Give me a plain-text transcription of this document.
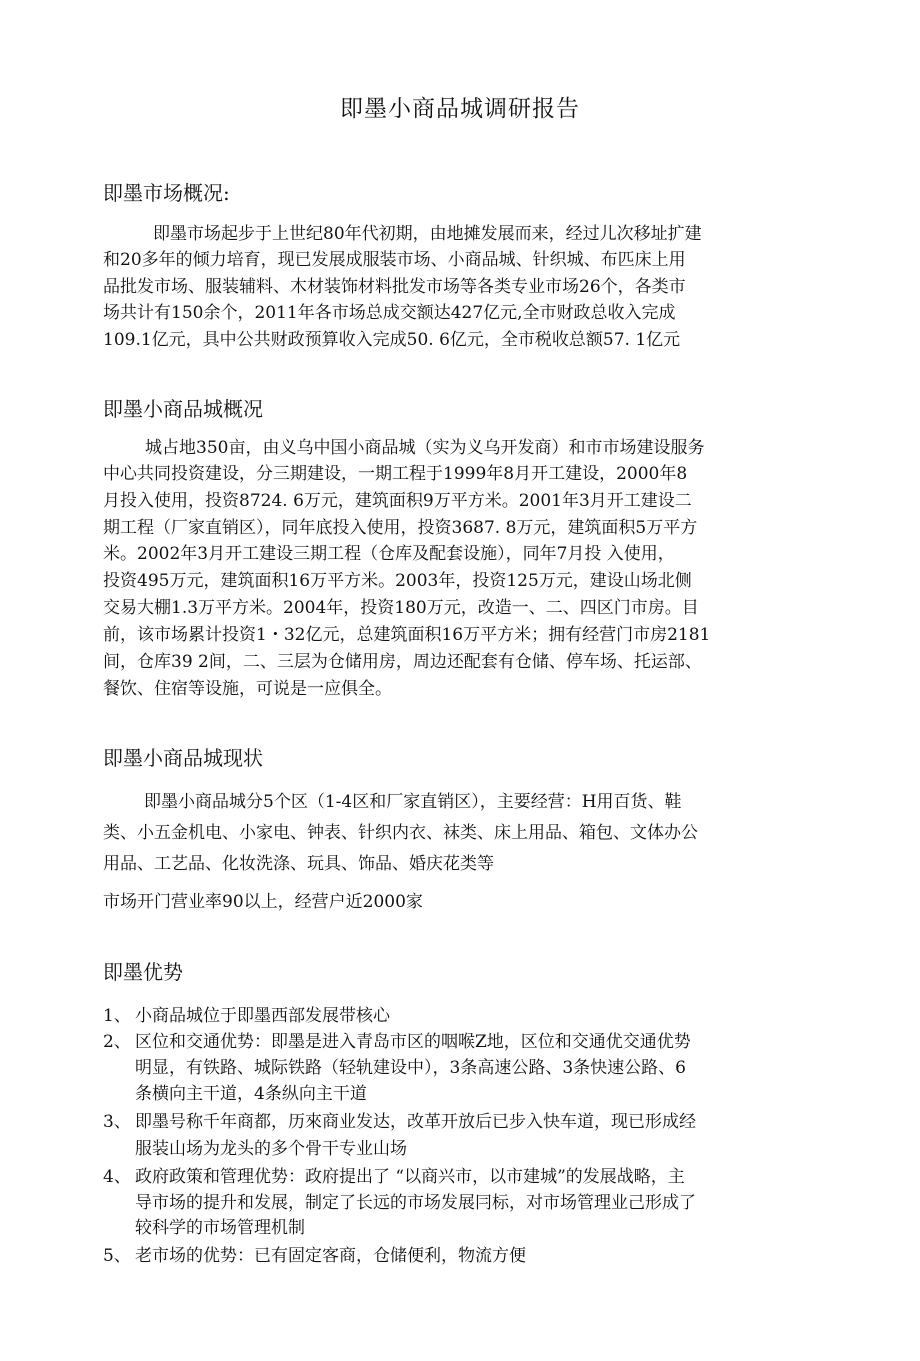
即墨小商品城调研报告
即墨市场概况:
即墨市场起步于上世纪80年代初期，由地摊发展而来，经过儿次移址扩建
和20多年的倾力培育，现已发展成服装市场、小商品城、针织城、布匹床上用
品批发市场、服装辅料、木材装饰材料批发市场等各类专业市场26个，各类市
场共计有150余个，2011年各市场总成交额达427亿元,全市财政总收入完成
109.1亿元，具中公共财政预算收入完成50. 6亿元，全市税收总额57. 1亿元
即墨小商品城概况
城占地350亩，由义乌中国小商品城（实为义乌开发商）和市市场建设服务
中心共同投资建设，分三期建设，一期工程于1999年8月开工建设，2000年8
月投入使用，投资8724. 6万元，建筑面积9万平方米。2001年3月开工建设二
期工程（厂家直销区），同年底投入使用，投资3687. 8万元，建筑面积5万平方
米。2002年3月开工建设三期工程（仓库及配套设施），同年7月投 入使用，
投资495万元，建筑面积16万平方米。2003年，投资125万元，建设山场北侧
交易大棚1.3万平方米。2004年，投资180万元，改造一、二、四区门市房。目
前，该市场累计投资1・32亿元，总建筑面积16万平方米；拥有经营门市房2181
间，仓库39 2间，二、三层为仓储用房，周边还配套有仓储、停车场、托运部、
餐饮、住宿等设施，可说是一应俱全。
即墨小商品城现状
即墨小商品城分5个区（1-4区和厂家直销区），主要经营：H用百货、鞋
类、小五金机电、小家电、钟表、针织内衣、袜类、床上用品、箱包、文体办公
用品、工艺品、化妆洗涤、玩具、饰品、婚庆花类等
市场开门营业率90以上，经营户近2000家
即墨优势
1、 小商品城位于即墨西部发展带核心
2、 区位和交通优势：即墨是进入青岛市区的咽喉Z地，区位和交通优交通优势
明显，有铁路、城际铁路（轻轨建设中），3条高速公路、3条快速公路、6
条横向主干道，4条纵向主干道
3、 即墨号称千年商都，历來商业发达，改革开放后已步入快车道，现已形成经
服装山场为龙头的多个骨干专业山场
4、 政府政策和管理优势：政府提出了 “以商兴市，以市建城”的发展战略，主
导市场的提升和发展，制定了长远的市场发展冃标，对市场管理业己形成了
较科学的市场管理机制
5、 老市场的优势：已有固定客商，仓储便利，物流方便
